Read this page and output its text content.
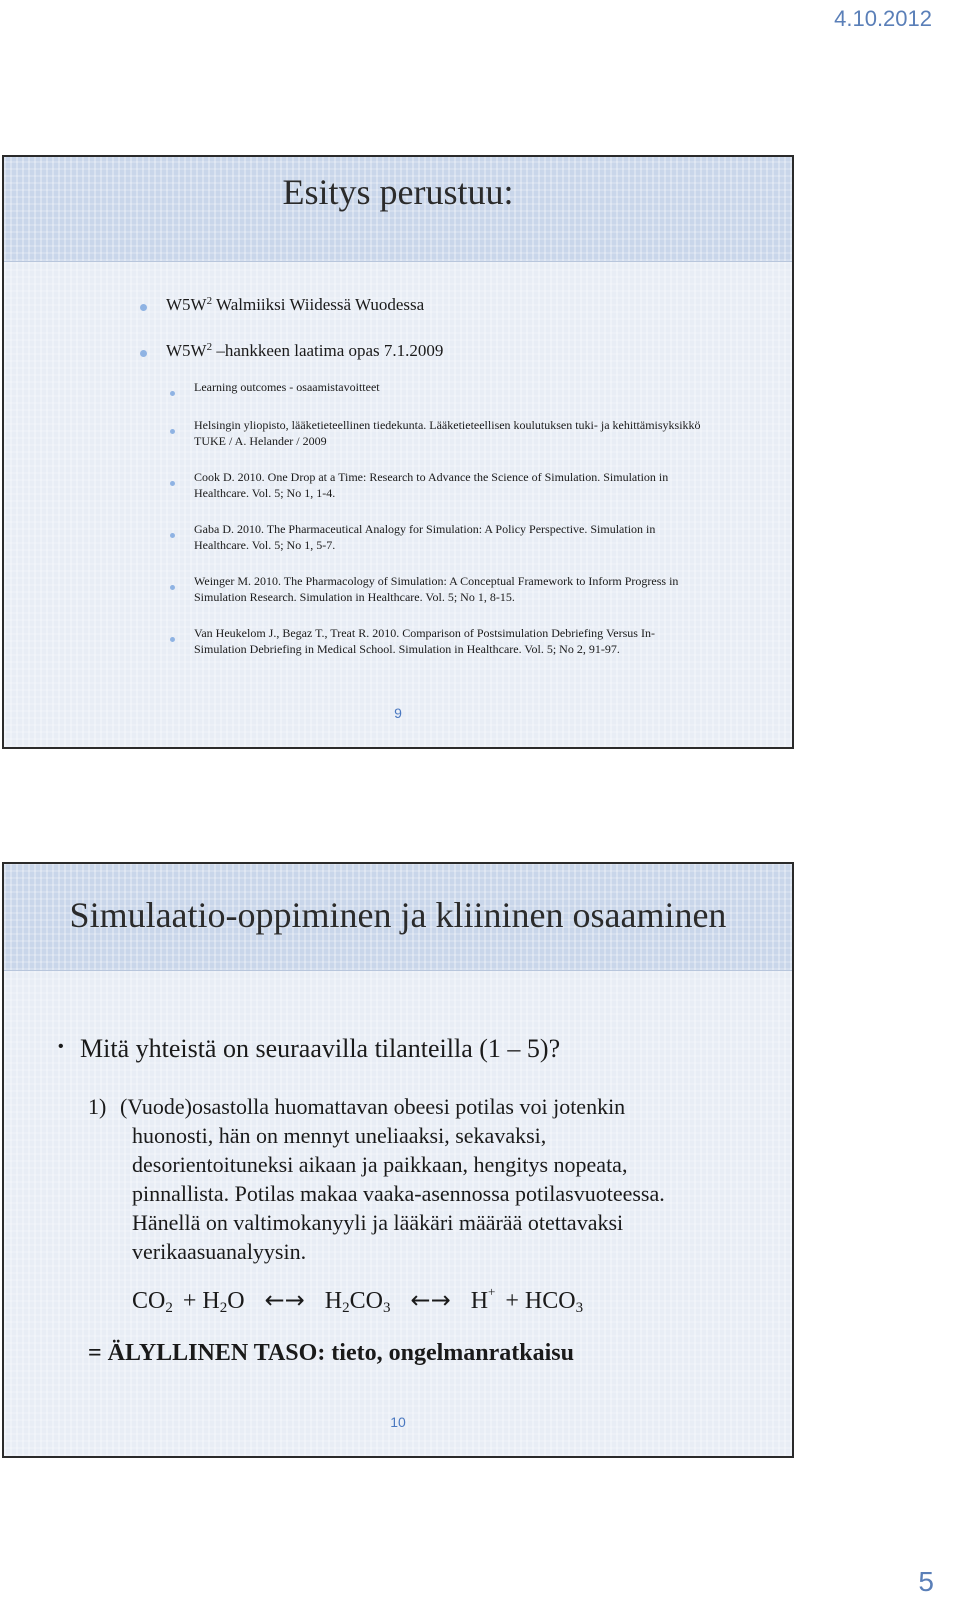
4.10.2012
Esitys perustuu:
$W5W^2$ Walmiiksi Wiidessä Wuodessa
$W5W^2$ –hankkeen laatima opas 7.1.2009
Learning outcomes - osaamistavoitteet
Helsingin yliopisto, lääketieteellinen tiedekunta. Lääketieteellisen koulutuksen tuki- ja kehittämisyksikkö
TUKE / A. Helander / 2009
Cook D. 2010. One Drop at a Time: Research to Advance the Science of Simulation. Simulation in
Healthcare. Vol. 5; No 1, 1-4.
Gaba D. 2010. The Pharmaceutical Analogy for Simulation: A Policy Perspective. Simulation in
Healthcare. Vol. 5; No 1, 5-7.
Weinger M. 2010. The Pharmacology of Simulation: A Conceptual Framework to Inform Progress in
Simulation Research. Simulation in Healthcare. Vol. 5; No 1, 8-15.
Van Heukelom J., Begaz T., Treat R. 2010. Comparison of Postsimulation Debriefing Versus In-
Simulation Debriefing in Medical School. Simulation in Healthcare. Vol. 5; No 2, 91-97.
9
Simulaatio-oppiminen ja kliininen osaaminen
• Mitä yhteistä on seuraavilla tilanteilla (1 – 5)?
1) (Vuode)osastolla huomattavan obeesi potilas voi jotenkin
huonosti, hän on mennyt uneliaaksi, sekavaksi,
desorientoituneksi aikaan ja paikkaan, hengitys nopeata,
pinnallista. Potilas makaa vaaka-asennossa potilasvuoteessa.
Hänellä on valtimokanyyli ja lääkäri määrää otettavaksi
verikaasuanalyysin.
$CO_2 + H_2O$ ←→ $H_2CO_3$ ←→ $H^+ + HCO_3$
= ÄLYLLINEN TASO: tieto, ongelmanratkaisu
10
5
